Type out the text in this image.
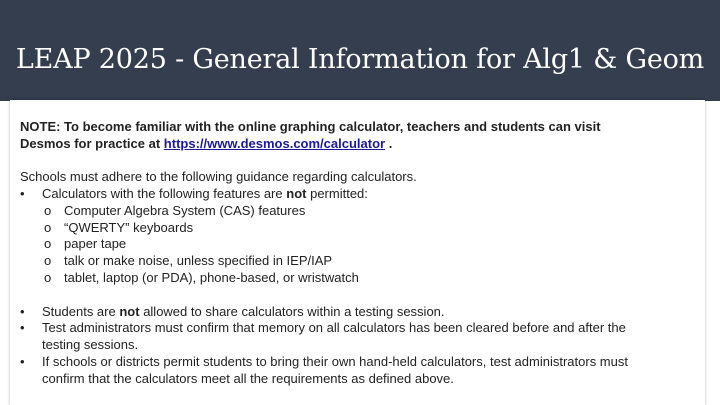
LEAP 2025 - General Information for Alg1 & Geom
NOTE: To become familiar with the online graphing calculator, teachers and students can visit
Desmos for practice at https://www.desmos.com/calculator .
Schools must adhere to the following guidance regarding calculators.
• Calculators with the following features are not permitted:
o Computer Algebra System (CAS) features
o “QWERTY” keyboards
o paper tape
o talk or make noise, unless specified in IEP/IAP
o tablet, laptop (or PDA), phone-based, or wristwatch
• Students are not allowed to share calculators within a testing session.
• Test administrators must confirm that memory on all calculators has been cleared before and after the
testing sessions.
• If schools or districts permit students to bring their own hand-held calculators, test administrators must
confirm that the calculators meet all the requirements as defined above.
